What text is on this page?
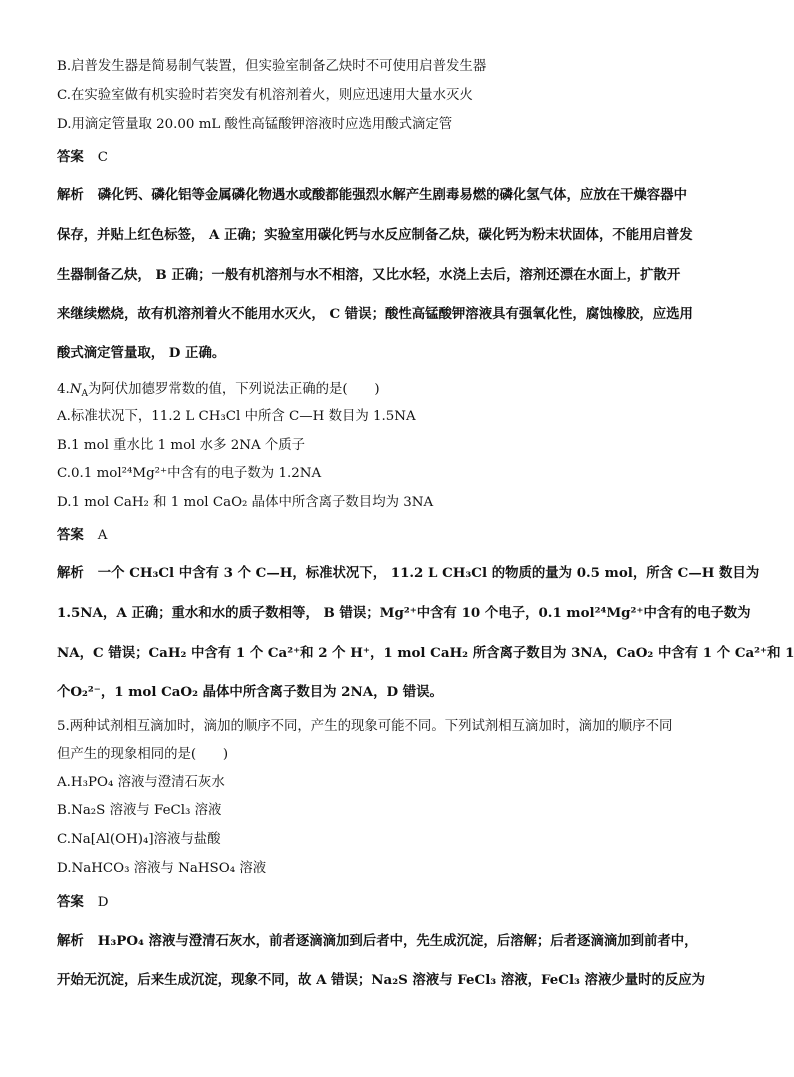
B.启普发生器是简易制气装置，但实验室制备乙炔时不可使用启普发生器
C.在实验室做有机实验时若突发有机溶剂着火，则应迅速用大量水灭火
D.用滴定管量取 20.00 mL 酸性高锰酸钾溶液时应选用酸式滴定管
答案 C
解析 磷化钙、磷化铝等金属磷化物遇水或酸都能强烈水解产生剧毒易燃的磷化氢气体，应放在干燥容器中
保存，并贴上红色标签， A 正确；实验室用碳化钙与水反应制备乙炔，碳化钙为粉末状固体，不能用启普发
生器制备乙炔， B 正确；一般有机溶剂与水不相溶，又比水轻，水浇上去后，溶剂还漂在水面上，扩散开
来继续燃烧，故有机溶剂着火不能用水灭火， C 错误；酸性高锰酸钾溶液具有强氧化性，腐蚀橡胶，应选用
酸式滴定管量取， D 正确。
$4.N_A$为阿伏加德罗常数的值，下列说法正确的是(　　)
A.标准状况下，11.2 L CH₃Cl 中所含 C—H 数目为 1.5NA
B.1 mol 重水比 1 mol 水多 2NA 个质子
C.0.1 mol²⁴Mg²⁺中含有的电子数为 1.2NA
D.1 mol CaH₂ 和 1 mol CaO₂ 晶体中所含离子数目均为 3NA
答案 A
解析 一个 CH₃Cl 中含有 3 个 C—H，标准状况下， 11.2 L CH₃Cl 的物质的量为 0.5 mol，所含 C—H 数目为
1.5NA，A 正确；重水和水的质子数相等， B 错误；Mg²⁺中含有 10 个电子，0.1 mol²⁴Mg²⁺中含有的电子数为
NA，C 错误；CaH₂ 中含有 1 个 Ca²⁺和 2 个 H⁺，1 mol CaH₂ 所含离子数目为 3NA，CaO₂ 中含有 1 个 Ca²⁺和 1
个O₂²⁻，1 mol CaO₂ 晶体中所含离子数目为 2NA，D 错误。
5.两种试剂相互滴加时，滴加的顺序不同，产生的现象可能不同。下列试剂相互滴加时，滴加的顺序不同
但产生的现象相同的是(　　)
A.H₃PO₄ 溶液与澄清石灰水
B.Na₂S 溶液与 FeCl₃ 溶液
C.Na[Al(OH)₄]溶液与盐酸
D.NaHCO₃ 溶液与 NaHSO₄ 溶液
答案 D
解析 H₃PO₄ 溶液与澄清石灰水，前者逐滴滴加到后者中，先生成沉淀，后溶解；后者逐滴滴加到前者中，
开始无沉淀，后来生成沉淀，现象不同，故 A 错误；Na₂S 溶液与 FeCl₃ 溶液，FeCl₃ 溶液少量时的反应为
